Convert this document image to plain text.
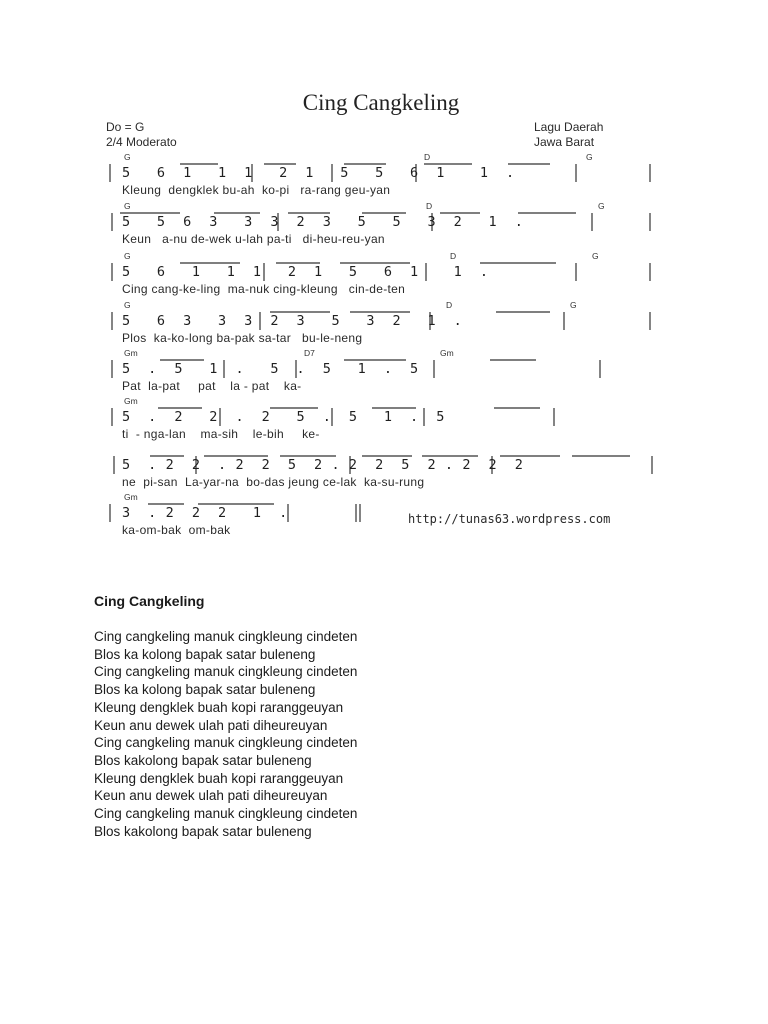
Cing Cangkeling
Do = G
2/4 Moderato
Lagu Daerah
Jawa Barat
G	D	G
5   6  1   1  1   2  1   5   5   6  1    1  .
Kleung  dengklek bu-ah  ko-pi   ra-rang geu-yan
G	D	G
5   5  6  3   3  3  2  3   5   5   3  2   1  .
Keun   a-nu de-wek u-lah pa-ti   di-heu-reu-yan
G	D	G
5   6   1   1  1   2  1   5   6  1    1  .
Cing cang-ke-ling  ma-nuk cing-kleung   cin-de-ten
G	D	G
5   6  3   3  3  2  3   5   3  2   1  .
Plos  ka-ko-long ba-pak sa-tar   bu-le-neng
Gm	D7	Gm
5  .  5   1  .   5  .  5   1  .  5
Pat  la-pat     pat    la - pat    ka-
Gm
5  .  2   2  .  2   5  .  5   1  .  5
ti  - nga-lan    ma-sih    le-bih     ke-
5  . 2  2  . 2  2  5  2 . 2  2  5  2 . 2  2  2
ne  pi-san  La-yar-na  bo-das jeung ce-lak  ka-su-rung
Gm
3  . 2  2  2   1  .
ka-om-bak  om-bak
http://tunas63.wordpress.com
Cing Cangkeling
Cing cangkeling manuk cingkleung cindeten
Blos ka kolong bapak satar buleneng
Cing cangkeling manuk cingkleung cindeten
Blos ka kolong bapak satar buleneng
Kleung dengklek buah kopi raranggeuyan
Keun anu dewek ulah pati diheureuyan
Cing cangkeling manuk cingkleung cindeten
Blos kakolong bapak satar buleneng
Kleung dengklek buah kopi raranggeuyan
Keun anu dewek ulah pati diheureuyan
Cing cangkeling manuk cingkleung cindeten
Blos kakolong bapak satar buleneng
